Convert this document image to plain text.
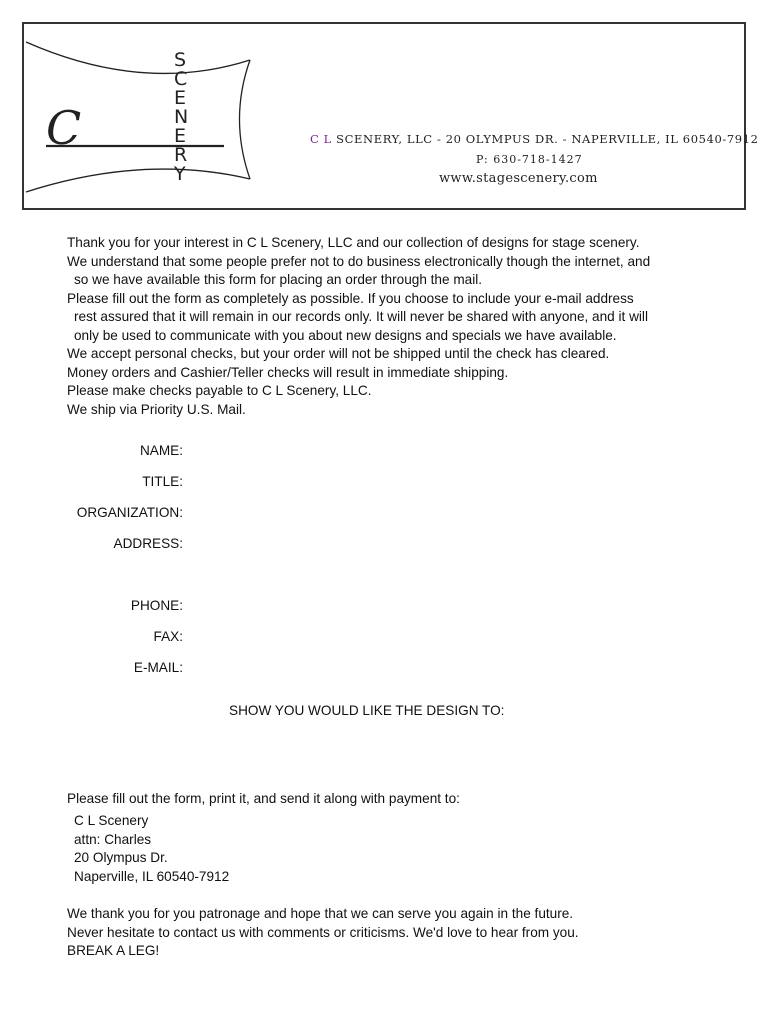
C
S
C
E
N
E
R
Y
C L SCENERY, LLC - 20 OLYMPUS DR. - NAPERVILLE, IL 60540-7912
P: 630-718-1427
www.stagescenery.com

Thank you for your interest in C L Scenery, LLC and our collection of designs for stage scenery.

We understand that some people prefer not to do business electronically though the internet, and

so we have available this form for placing an order through the mail.

Please fill out the form as completely as possible. If you choose to include your e-mail address

rest assured that it will remain in our records only. It will never be shared with anyone, and it will

only be used to communicate with you about new designs and specials we have available.

We accept personal checks, but your order will not be shipped until the check has cleared.

Money orders and Cashier/Teller checks will result in immediate shipping.

Please make checks payable to C L Scenery, LLC.

We ship via Priority U.S. Mail.

NAME:
TITLE:
ORGANIZATION:
ADDRESS:
PHONE:
FAX:
E-MAIL:
SHOW YOU WOULD LIKE THE DESIGN TO:

Please fill out the form, print it, and send it along with payment to:

C L Scenery

attn: Charles

20 Olympus Dr.

Naperville, IL 60540-7912

We thank you for you patronage and hope that we can serve you again in the future.

Never hesitate to contact us with comments or criticisms. We'd love to hear from you.

BREAK A LEG!
